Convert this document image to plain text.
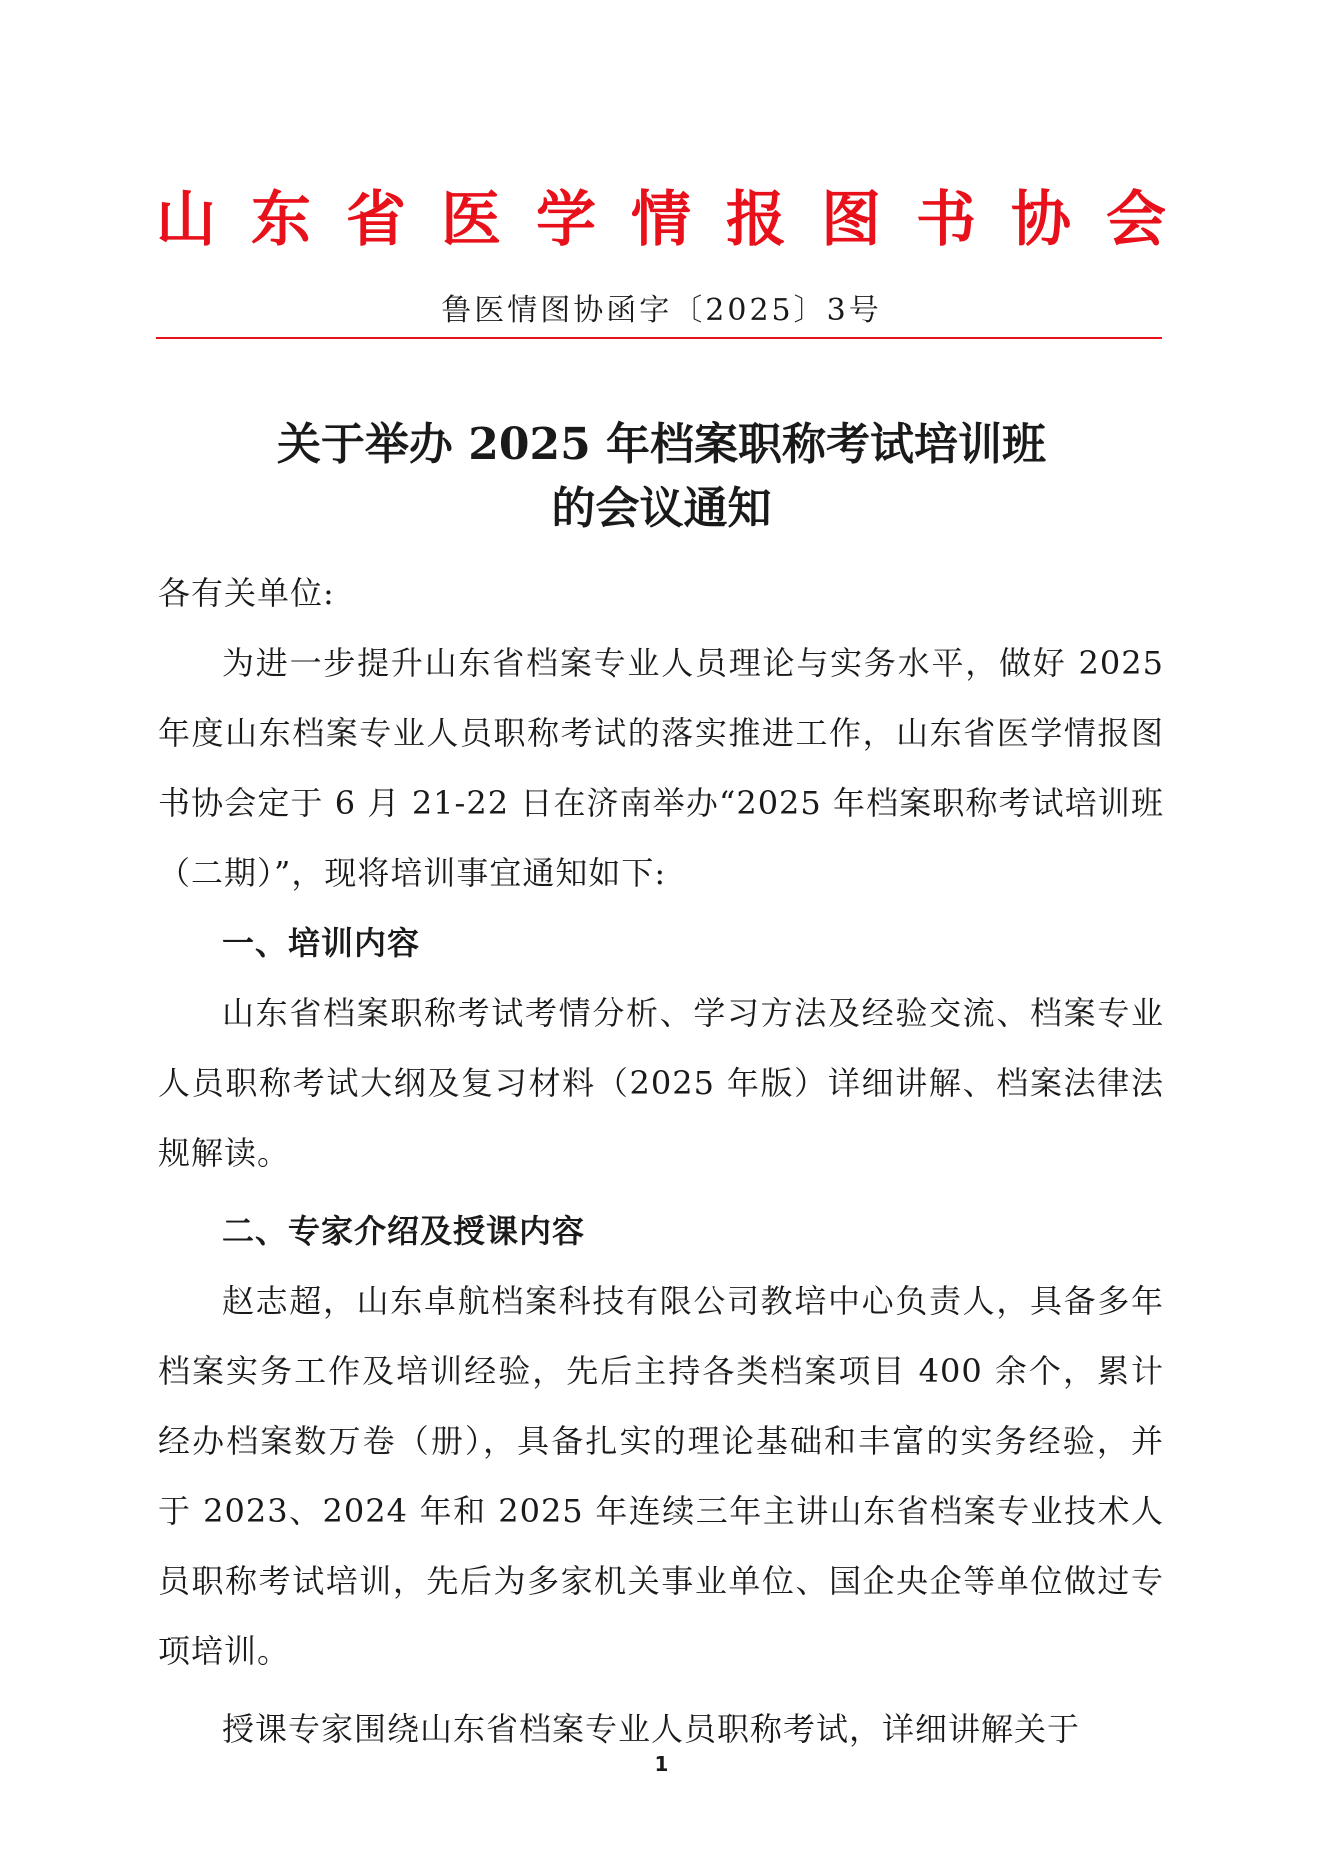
山 东 省 医 学 情 报 图 书 协 会
鲁医情图协函字〔2025〕3号
关于举办 2025 年档案职称考试培训班
的会议通知

各有关单位:

为进一步提升山东省档案专业人员理论与实务水平，做好 2025 年度山东档案专业人员职称考试的落实推进工作，山东省医学情报图书协会定于 6 月 21-22 日在济南举办“2025 年档案职称考试培训班（二期）”，现将培训事宜通知如下:

一、培训内容

山东省档案职称考试考情分析、学习方法及经验交流、档案专业人员职称考试大纲及复习材料（2025 年版）详细讲解、档案法律法规解读。

二、专家介绍及授课内容

赵志超，山东卓航档案科技有限公司教培中心负责人，具备多年档案实务工作及培训经验，先后主持各类档案项目 400 余个，累计经办档案数万卷（册），具备扎实的理论基础和丰富的实务经验，并于 2023、2024 年和 2025 年连续三年主讲山东省档案专业技术人员职称考试培训，先后为多家机关事业单位、国企央企等单位做过专项培训。

授课专家围绕山东省档案专业人员职称考试，详细讲解关于

1
